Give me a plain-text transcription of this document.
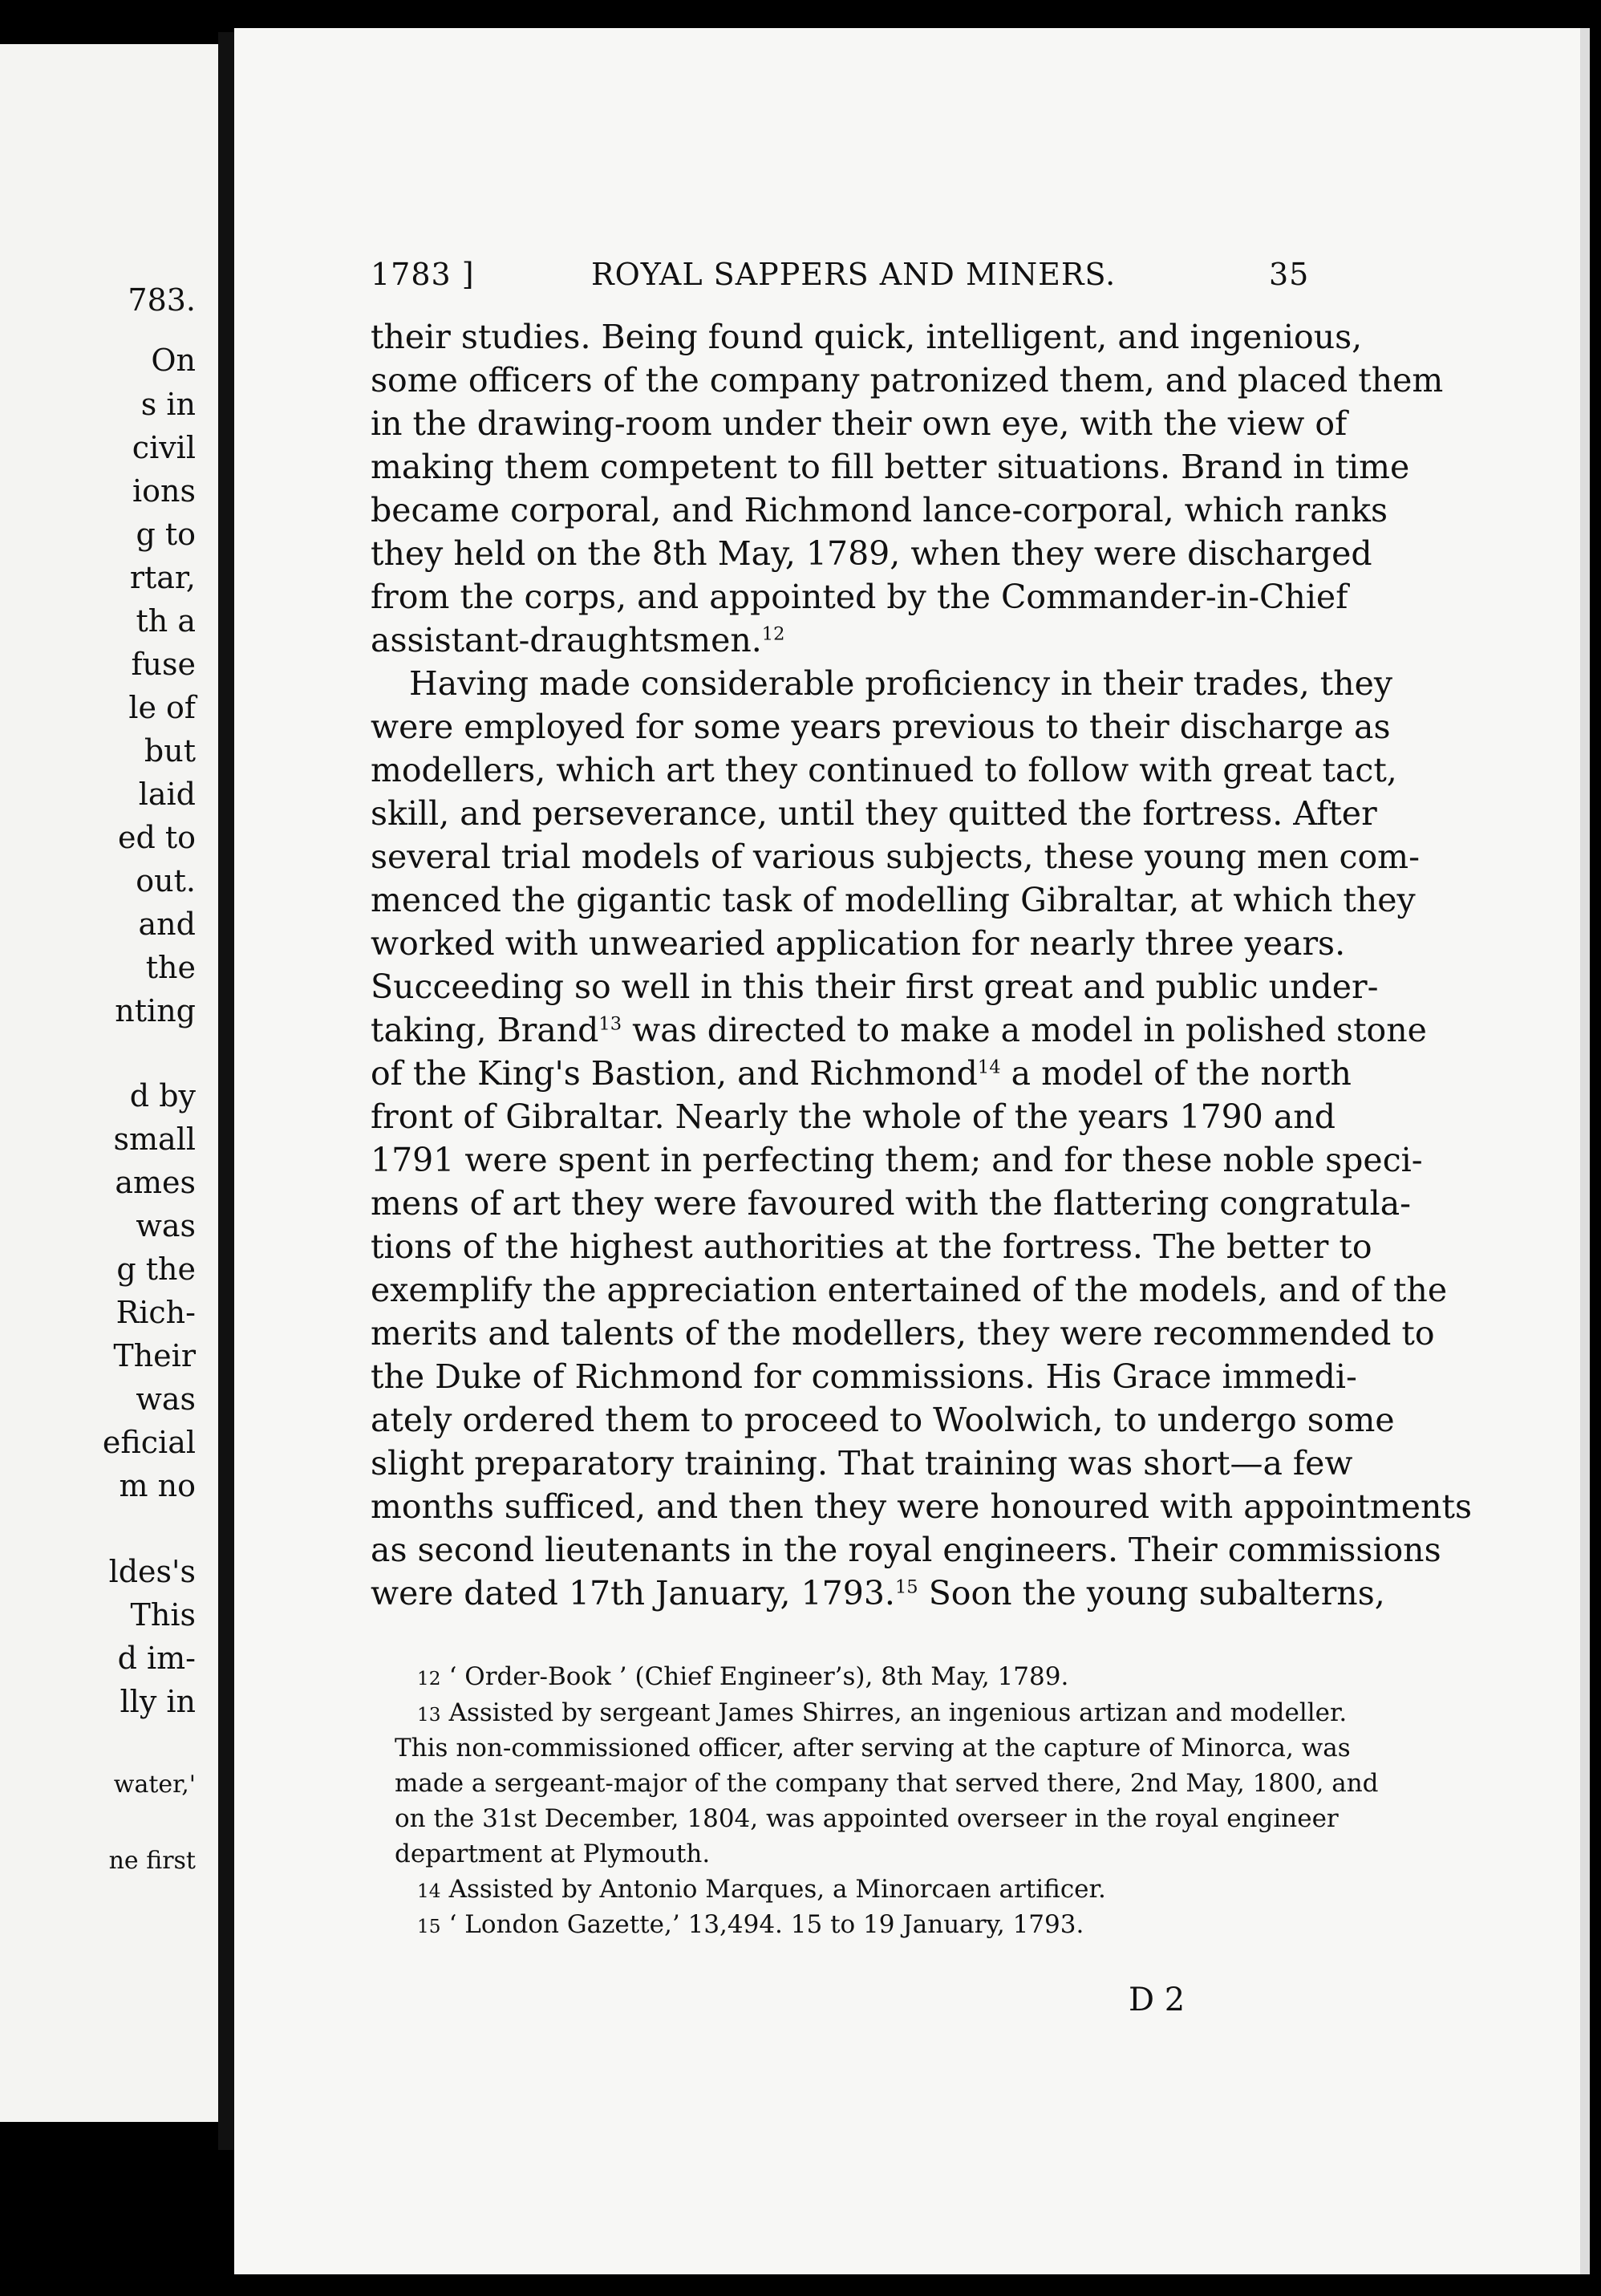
783.
On
s in
civil
ions
g to
rtar,
th a
fuse
le of
but
laid
ed to
out.
and
the
nting
d by
small
ames
was
g the
Rich-
Their
was
eficial
m no
ldes's
This
d im-
lly in
water,'
ne first
1783 ]	ROYAL SAPPERS AND MINERS.	35
their studies. Being found quick, intelligent, and ingenious,
some officers of the company patronized them, and placed them
in the drawing-room under their own eye, with the view of
making them competent to fill better situations. Brand in time
became corporal, and Richmond lance-corporal, which ranks
they held on the 8th May, 1789, when they were discharged
from the corps, and appointed by the Commander-in-Chief
assistant-draughtsmen.$^{12}$
Having made considerable proficiency in their trades, they
were employed for some years previous to their discharge as
modellers, which art they continued to follow with great tact,
skill, and perseverance, until they quitted the fortress. After
several trial models of various subjects, these young men com-
menced the gigantic task of modelling Gibraltar, at which they
worked with unwearied application for nearly three years.
Succeeding so well in this their first great and public under-
taking, Brand$^{13}$ was directed to make a model in polished stone
of the King's Bastion, and Richmond$^{14}$ a model of the north
front of Gibraltar. Nearly the whole of the years 1790 and
1791 were spent in perfecting them; and for these noble speci-
mens of art they were favoured with the flattering congratula-
tions of the highest authorities at the fortress. The better to
exemplify the appreciation entertained of the models, and of the
merits and talents of the modellers, they were recommended to
the Duke of Richmond for commissions. His Grace immedi-
ately ordered them to proceed to Woolwich, to undergo some
slight preparatory training. That training was short—a few
months sufficed, and then they were honoured with appointments
as second lieutenants in the royal engineers. Their commissions
were dated 17th January, 1793.15 Soon the young subalterns,
12 ‘ Order-Book ’ (Chief Engineer’s), 8th May, 1789.
13 Assisted by sergeant James Shirres, an ingenious artizan and modeller.
This non-commissioned officer, after serving at the capture of Minorca, was
made a sergeant-major of the company that served there, 2nd May, 1800, and
on the 31st December, 1804, was appointed overseer in the royal engineer
department at Plymouth.
14 Assisted by Antonio Marques, a Minorcaen artificer.
15 ‘ London Gazette,’ 13,494. 15 to 19 January, 1793.
D 2
